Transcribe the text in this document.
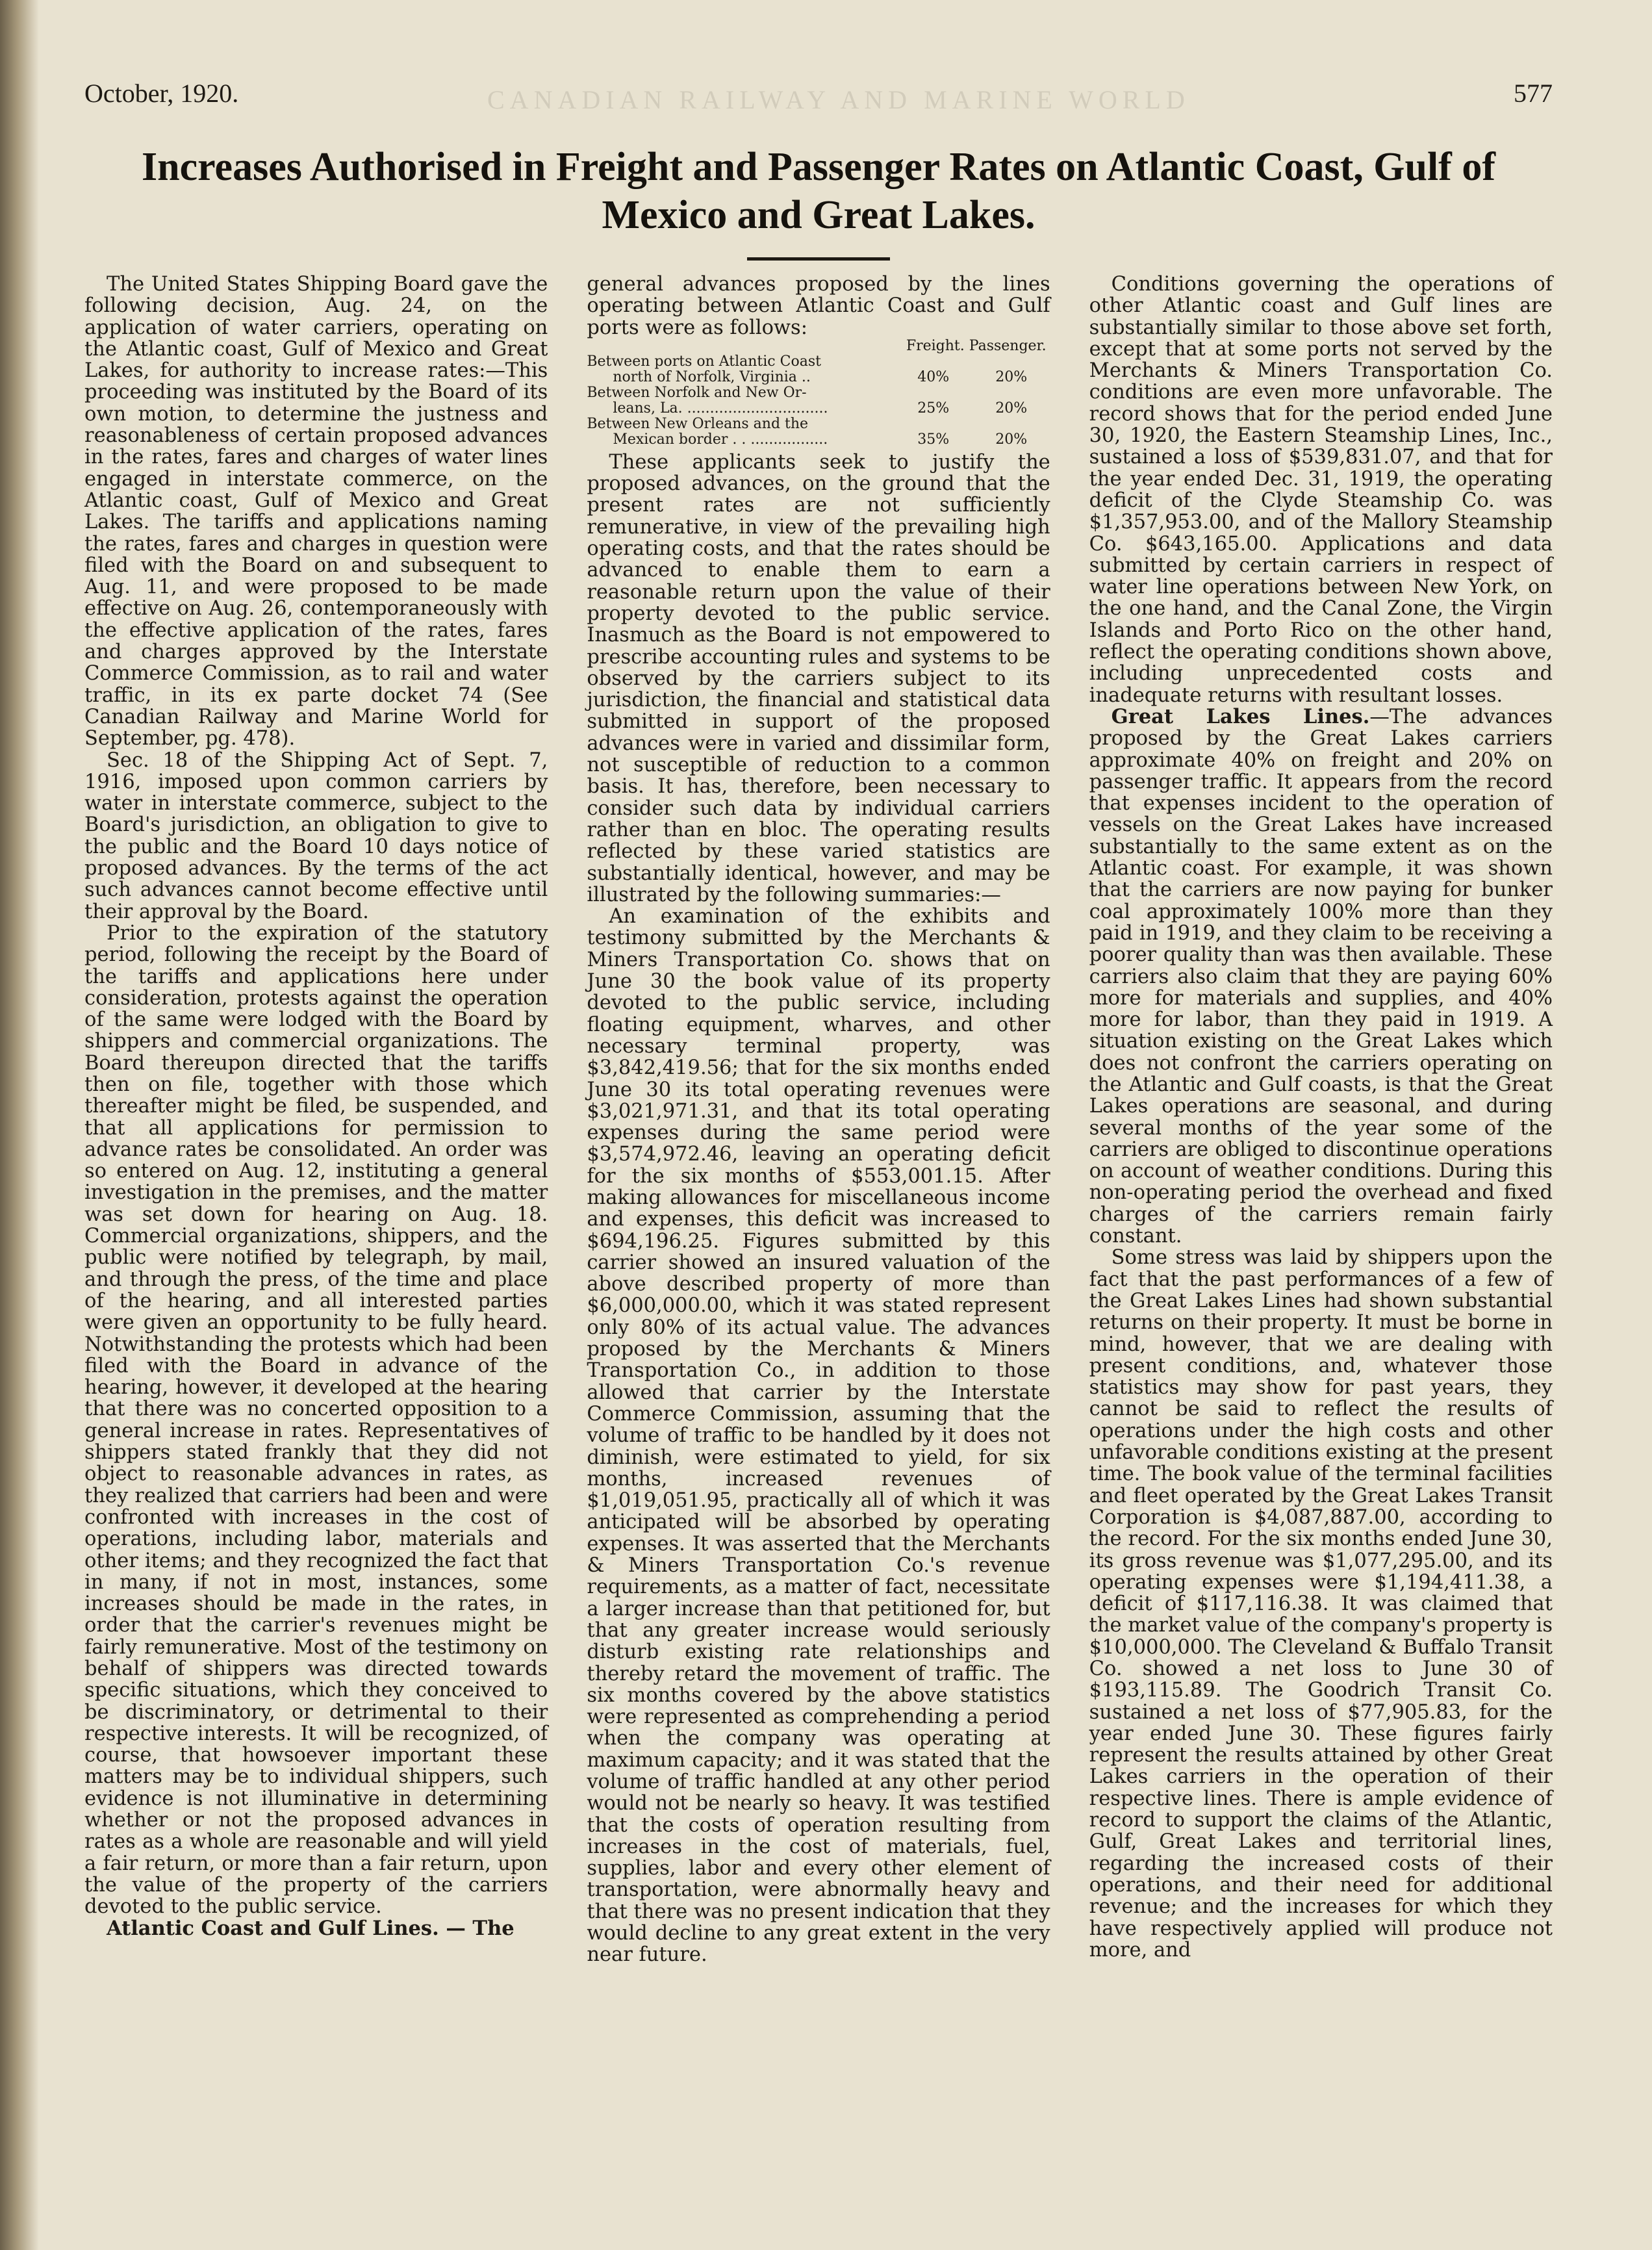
October, 1920.	CANADIAN RAILWAY AND MARINE WORLD	577
Increases Authorised in Freight and Passenger Rates on Atlantic Coast, Gulf of Mexico and Great Lakes.

The United States Shipping Board gave the following decision, Aug. 24, on the application of water carriers, operating on the Atlantic coast, Gulf of Mexico and Great Lakes, for authority to increase rates:—This proceeding was instituted by the Board of its own motion, to determine the justness and reasonableness of certain proposed advances in the rates, fares and charges of water lines engaged in interstate commerce, on the Atlantic coast, Gulf of Mexico and Great Lakes. The tariffs and applications naming the rates, fares and charges in question were filed with the Board on and subsequent to Aug. 11, and were proposed to be made effective on Aug. 26, contemporaneously with the effective application of the rates, fares and charges approved by the Interstate Commerce Commission, as to rail and water traffic, in its ex parte docket 74 (See Canadian Railway and Marine World for September, pg. 478).

Sec. 18 of the Shipping Act of Sept. 7, 1916, imposed upon common carriers by water in interstate commerce, subject to the Board's jurisdiction, an obligation to give to the public and the Board 10 days notice of proposed advances. By the terms of the act such advances cannot become effective until their approval by the Board.

Prior to the expiration of the statutory period, following the receipt by the Board of the tariffs and applications here under consideration, protests against the operation of the same were lodged with the Board by shippers and commercial organizations. The Board thereupon directed that the tariffs then on file, together with those which thereafter might be filed, be suspended, and that all applications for permission to advance rates be consolidated. An order was so entered on Aug. 12, instituting a general investigation in the premises, and the matter was set down for hearing on Aug. 18. Commercial organizations, shippers, and the public were notified by telegraph, by mail, and through the press, of the time and place of the hearing, and all interested parties were given an opportunity to be fully heard. Notwithstanding the protests which had been filed with the Board in advance of the hearing, however, it developed at the hearing that there was no concerted opposition to a general increase in rates. Representatives of shippers stated frankly that they did not object to reasonable advances in rates, as they realized that carriers had been and were confronted with increases in the cost of operations, including labor, materials and other items; and they recognized the fact that in many, if not in most, instances, some increases should be made in the rates, in order that the carrier's revenues might be fairly remunerative. Most of the testimony on behalf of shippers was directed towards specific situations, which they conceived to be discriminatory, or detrimental to their respective interests. It will be recognized, of course, that howsoever important these matters may be to individual shippers, such evidence is not illuminative in determining whether or not the proposed advances in rates as a whole are reasonable and will yield a fair return, or more than a fair return, upon the value of the property of the carriers devoted to the public service.

Atlantic Coast and Gulf Lines. — The

general advances proposed by the lines operating between Atlantic Coast and Gulf ports were as follows:

Freight. Passenger.
Between ports on Atlantic Coast
north of Norfolk, Virginia ..	40%	20%
Between Norfolk and New Or-
leans, La. ...............................	25%	20%
Between New Orleans and the
Mexican border . . .................	35%	20%

These applicants seek to justify the proposed advances, on the ground that the present rates are not sufficiently remunerative, in view of the prevailing high operating costs, and that the rates should be advanced to enable them to earn a reasonable return upon the value of their property devoted to the public service. Inasmuch as the Board is not empowered to prescribe accounting rules and systems to be observed by the carriers subject to its jurisdiction, the financial and statistical data submitted in support of the proposed advances were in varied and dissimilar form, not susceptible of reduction to a common basis. It has, therefore, been necessary to consider such data by individual carriers rather than en bloc. The operating results reflected by these varied statistics are substantially identical, however, and may be illustrated by the following summaries:—

An examination of the exhibits and testimony submitted by the Merchants & Miners Transportation Co. shows that on June 30 the book value of its property devoted to the public service, including floating equipment, wharves, and other necessary terminal property, was $3,842,419.56; that for the six months ended June 30 its total operating revenues were $3,021,971.31, and that its total operating expenses during the same period were $3,574,972.46, leaving an operating deficit for the six months of $553,001.15. After making allowances for miscellaneous income and expenses, this deficit was increased to $694,196.25. Figures submitted by this carrier showed an insured valuation of the above described property of more than $6,000,000.00, which it was stated represent only 80% of its actual value. The advances proposed by the Merchants & Miners Transportation Co., in addition to those allowed that carrier by the Interstate Commerce Commission, assuming that the volume of traffic to be handled by it does not diminish, were estimated to yield, for six months, increased revenues of $1,019,051.95, practically all of which it was anticipated will be absorbed by operating expenses. It was asserted that the Merchants & Miners Transportation Co.'s revenue requirements, as a matter of fact, necessitate a larger increase than that petitioned for, but that any greater increase would seriously disturb existing rate relationships and thereby retard the movement of traffic. The six months covered by the above statistics were represented as comprehending a period when the company was operating at maximum capacity; and it was stated that the volume of traffic handled at any other period would not be nearly so heavy. It was testified that the costs of operation resulting from increases in the cost of materials, fuel, supplies, labor and every other element of transportation, were abnormally heavy and that there was no present indication that they would decline to any great extent in the very near future.

Conditions governing the operations of other Atlantic coast and Gulf lines are substantially similar to those above set forth, except that at some ports not served by the Merchants & Miners Transportation Co. conditions are even more unfavorable. The record shows that for the period ended June 30, 1920, the Eastern Steamship Lines, Inc., sustained a loss of $539,831.07, and that for the year ended Dec. 31, 1919, the operating deficit of the Clyde Steamship Co. was $1,357,953.00, and of the Mallory Steamship Co. $643,165.00. Applications and data submitted by certain carriers in respect of water line operations between New York, on the one hand, and the Canal Zone, the Virgin Islands and Porto Rico on the other hand, reflect the operating conditions shown above, including unprecedented costs and inadequate returns with resultant losses.

Great Lakes Lines.—The advances proposed by the Great Lakes carriers approximate 40% on freight and 20% on passenger traffic. It appears from the record that expenses incident to the operation of vessels on the Great Lakes have increased substantially to the same extent as on the Atlantic coast. For example, it was shown that the carriers are now paying for bunker coal approximately 100% more than they paid in 1919, and they claim to be receiving a poorer quality than was then available. These carriers also claim that they are paying 60% more for materials and supplies, and 40% more for labor, than they paid in 1919. A situation existing on the Great Lakes which does not confront the carriers operating on the Atlantic and Gulf coasts, is that the Great Lakes operations are seasonal, and during several months of the year some of the carriers are obliged to discontinue operations on account of weather conditions. During this non-operating period the overhead and fixed charges of the carriers remain fairly constant.

Some stress was laid by shippers upon the fact that the past performances of a few of the Great Lakes Lines had shown substantial returns on their property. It must be borne in mind, however, that we are dealing with present conditions, and, whatever those statistics may show for past years, they cannot be said to reflect the results of operations under the high costs and other unfavorable conditions existing at the present time. The book value of the terminal facilities and fleet operated by the Great Lakes Transit Corporation is $4,087,887.00, according to the record. For the six months ended June 30, its gross revenue was $1,077,295.00, and its operating expenses were $1,194,411.38, a deficit of $117,116.38. It was claimed that the market value of the company's property is $10,000,000. The Cleveland & Buffalo Transit Co. showed a net loss to June 30 of $193,115.89. The Goodrich Transit Co. sustained a net loss of $77,905.83, for the year ended June 30. These figures fairly represent the results attained by other Great Lakes carriers in the operation of their respective lines. There is ample evidence of record to support the claims of the Atlantic, Gulf, Great Lakes and territorial lines, regarding the increased costs of their operations, and their need for additional revenue; and the increases for which they have respectively applied will produce not more, and
